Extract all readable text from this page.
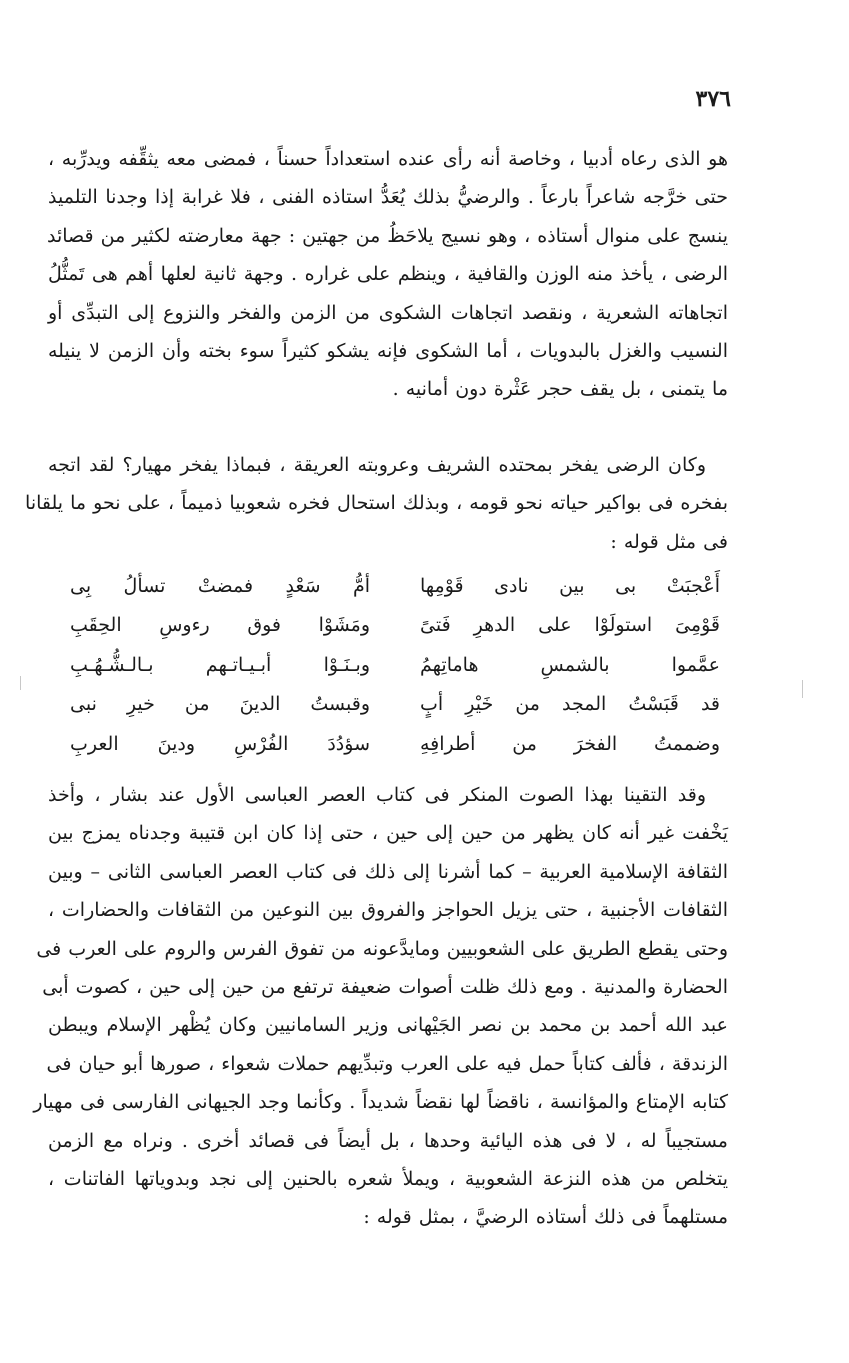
٣٧٦
هو الذى رعاه أدبيا ، وخاصة أنه رأى عنده استعداداً حسناً ، فمضى معه يثقِّفه ويدرِّبه ،
حتى خرَّجه شاعراً بارعاً . والرضيُّ بذلك يُعَدُّ استاذه الفنى ، فلا غرابة إذا وجدنا التلميذ
ينسج على منوال أستاذه ، وهو نسيج يلاحَظُ من جهتين : جهة معارضته لكثير من قصائد
الرضى ، يأخذ منه الوزن والقافية ، وينظم على غراره . وجهة ثانية لعلها أهم هى تَمثُّلُ
اتجاهاته الشعرية ، ونقصد اتجاهات الشكوى من الزمن والفخر والنزوع إلى التبدِّى أو
النسيب والغزل بالبدويات ، أما الشكوى فإنه يشكو كثيراً سوء بخته وأن الزمن لا ينيله
ما يتمنى ، بل يقف حجر عَثْرة دون أمانيه .
وكان الرضى يفخر بمحتده الشريف وعروبته العريقة ، فبماذا يفخر مهيار؟ لقد اتجه
بفخره فى بواكير حياته نحو قومه ، وبذلك استحال فخره شعوبيا ذميماً ، على نحو ما يلقانا
فى مثل قوله :
أَعْجبَتْ بى بين نادى قَوْمِها
أمُّ سَعْدٍ فمضتْ تسألُ بِى
قَوْمِىَ استولَوْا على الدهرِ فَتىً
ومَشَوْا فوق رءوسِ الحِقَبِ
عمَّموا بالشمسِ هاماتِهمُ
وبـنَـوْا أبـيـاتـهم بـالـشُّـهُـبِ
قد قَبَسْتُ المجد من خَيْرِ أبٍ
وقبستُ الدينَ من خيرِ نبى
وضممتُ الفخرَ من أطرافِهِ
سؤدُدَ الفُرْسِ ودينَ العربِ
وقد التقينا بهذا الصوت المنكر فى كتاب العصر العباسى الأول عند بشار ، وأخذ
يَخْفت غير أنه كان يظهر من حين إلى حين ، حتى إذا كان ابن قتيبة وجدناه يمزج بين
الثقافة الإسلامية العربية – كما أشرنا إلى ذلك فى كتاب العصر العباسى الثانى – وبين
الثقافات الأجنبية ، حتى يزيل الحواجز والفروق بين النوعين من الثقافات والحضارات ،
وحتى يقطع الطريق على الشعوبيين ومايدَّعونه من تفوق الفرس والروم على العرب فى
الحضارة والمدنية . ومع ذلك ظلت أصوات ضعيفة ترتفع من حين إلى حين ، كصوت أبى
عبد الله أحمد بن محمد بن نصر الجَيْهانى وزير السامانيين وكان يُظْهر الإسلام ويبطن
الزندقة ، فألف كتاباً حمل فيه على العرب وتبدِّيهم حملات شعواء ، صورها أبو حيان فى
كتابه الإمتاع والمؤانسة ، ناقضاً لها نقضاً شديداً . وكأنما وجد الجيهانى الفارسى فى مهيار
مستجيباً له ، لا فى هذه اليائية وحدها ، بل أيضاً فى قصائد أخرى . ونراه مع الزمن
يتخلص من هذه النزعة الشعوبية ، ويملأ شعره بالحنين إلى نجد وبدوياتها الفاتنات ،
مستلهماً فى ذلك أستاذه الرضيَّ ، بمثل قوله :
